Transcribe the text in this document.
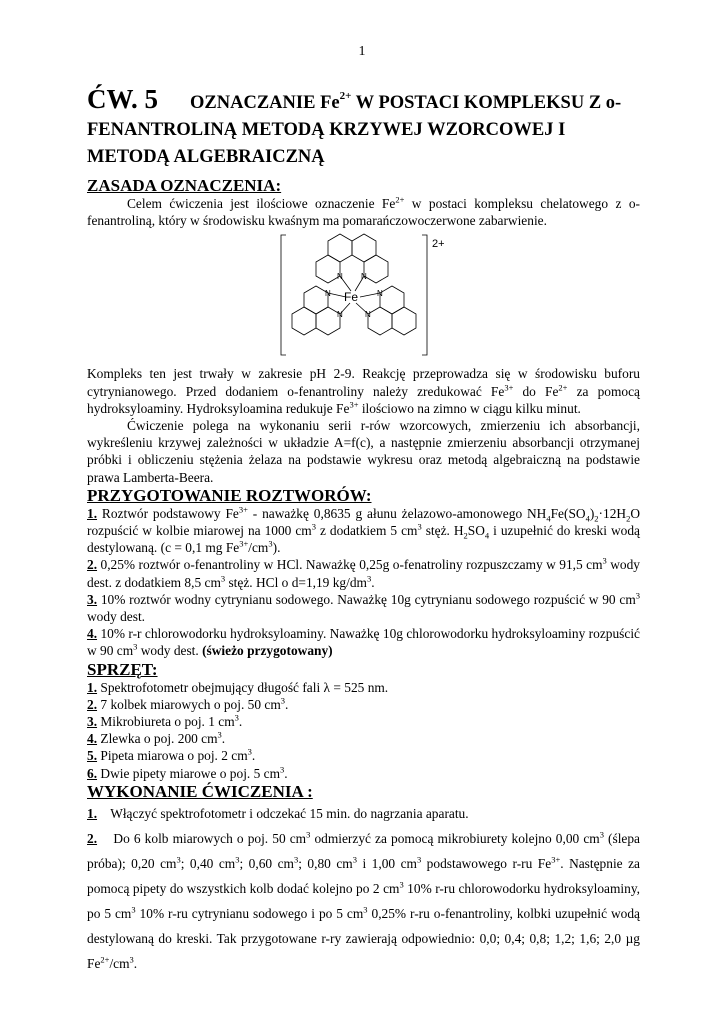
1
ĆW. 5 OZNACZANIE $Fe^{2+}$ W POSTACI KOMPLEKSU Z o-FENANTROLINĄ METODĄ KRZYWEJ WZORCOWEJ I METODĄ ALGEBRAICZNĄ
ZASADA OZNACZENIA:

Celem ćwiczenia jest ilościowe oznaczenie $Fe^{2+}$ w postaci kompleksu chelatowego z o-fenantroliną, który w środowisku kwaśnym ma pomarańczowoczerwone zabarwienie.

Fe
2+
N N
N	N
N	N

Kompleks ten jest trwały w zakresie pH 2-9. Reakcję przeprowadza się w środowisku buforu cytrynianowego. Przed dodaniem o-fenantroliny należy zredukować $Fe^{3+}$ do $Fe^{2+}$ za pomocą hydroksyloaminy. Hydroksyloamina redukuje $Fe^{3+}$ ilościowo na zimno w ciągu kilku minut.

Ćwiczenie polega na wykonaniu serii r-rów wzorcowych, zmierzeniu ich absorbancji, wykreśleniu krzywej zależności w układzie A=f(c), a następnie zmierzeniu absorbancji otrzymanej próbki i obliczeniu stężenia żelaza na podstawie wykresu oraz metodą algebraiczną na podstawie prawa Lamberta-Beera.

PRZYGOTOWANIE ROZTWORÓW:

1. Roztwór podstawowy $Fe^{3+}$ - naważkę 0,8635 g ałunu żelazowo-amonowego $NH_4Fe(SO_4)_2\cdot 12H_2O$ rozpuścić w kolbie miarowej na 1000 $cm^3$ z dodatkiem 5 $cm^3$ stęż. $H_2SO_4$ i uzupełnić do kreski wodą destylowaną. (c = 0,1 mg $Fe^{3+}/cm^3$).

2. 0,25% roztwór o-fenantroliny w HCl. Naważkę 0,25g o-fenatroliny rozpuszczamy w 91,5 $cm^3$ wody dest. z dodatkiem 8,5 $cm^3$ stęż. HCl o d=1,19 $kg/dm^3$.

3. 10% roztwór wodny cytrynianu sodowego. Naważkę 10g cytrynianu sodowego rozpuścić w 90 $cm^3$ wody dest.

4. 10% r-r chlorowodorku hydroksyloaminy. Naważkę 10g chlorowodorku hydroksyloaminy rozpuścić w 90 $cm^3$ wody dest. (świeżo przygotowany)

SPRZĘT:

1. Spektrofotometr obejmujący długość fali λ = 525 nm.

2. 7 kolbek miarowych o poj. 50 $cm^3$.

3. Mikrobiureta o poj. 1 $cm^3$.

4. Zlewka o poj. 200 $cm^3$.

5. Pipeta miarowa o poj. 2 $cm^3$.

6. Dwie pipety miarowe o poj. 5 $cm^3$.

WYKONANIE ĆWICZENIA :

1.    Włączyć spektrofotometr i odczekać 15 min. do nagrzania aparatu.

2.    Do 6 kolb miarowych o poj. 50 $cm^3$ odmierzyć za pomocą mikrobiurety kolejno 0,00 $cm^3$ (ślepa próba); 0,20 $cm^3$; 0,40 $cm^3$; 0,60 $cm^3$; 0,80 $cm^3$ i 1,00 $cm^3$ podstawowego r-ru $Fe^{3+}$. Następnie za pomocą pipety do wszystkich kolb dodać kolejno po 2 $cm^3$ 10% r-ru chlorowodorku hydroksyloaminy, po 5 $cm^3$ 10% r-ru cytrynianu sodowego i po 5 $cm^3$ 0,25% r-ru o-fenantroliny, kolbki uzupełnić wodą destylowaną do kreski. Tak przygotowane r-ry zawierają odpowiednio: 0,0; 0,4; 0,8; 1,2; 1,6; 2,0 µg $Fe^{2+}/cm^3$.
